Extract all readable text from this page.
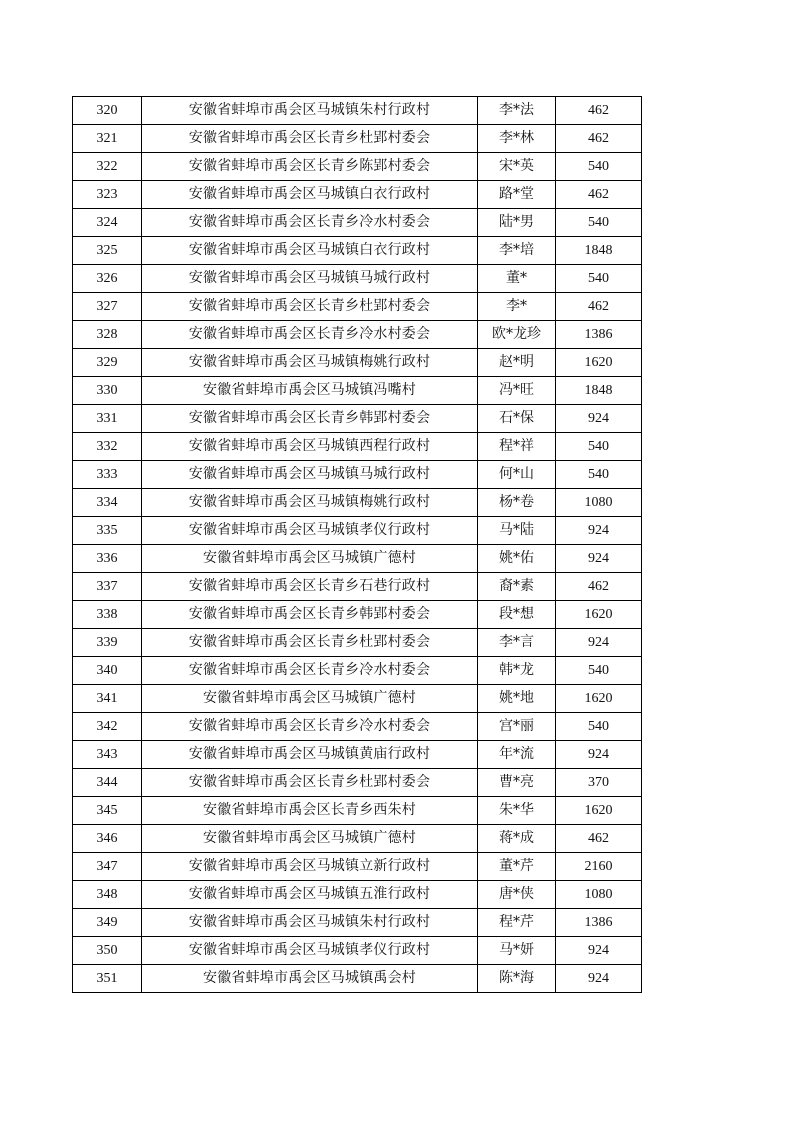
320	安徽省蚌埠市禹会区马城镇朱村行政村	李*法	462
321	安徽省蚌埠市禹会区长青乡杜郢村委会	李*林	462
322	安徽省蚌埠市禹会区长青乡陈郢村委会	宋*英	540
323	安徽省蚌埠市禹会区马城镇白衣行政村	路*堂	462
324	安徽省蚌埠市禹会区长青乡冷水村委会	陆*男	540
325	安徽省蚌埠市禹会区马城镇白衣行政村	李*培	1848
326	安徽省蚌埠市禹会区马城镇马城行政村	董*	540
327	安徽省蚌埠市禹会区长青乡杜郢村委会	李*	462
328	安徽省蚌埠市禹会区长青乡冷水村委会	欧*龙珍	1386
329	安徽省蚌埠市禹会区马城镇梅姚行政村	赵*明	1620
330	安徽省蚌埠市禹会区马城镇冯嘴村	冯*旺	1848
331	安徽省蚌埠市禹会区长青乡韩郢村委会	石*保	924
332	安徽省蚌埠市禹会区马城镇西程行政村	程*祥	540
333	安徽省蚌埠市禹会区马城镇马城行政村	何*山	540
334	安徽省蚌埠市禹会区马城镇梅姚行政村	杨*卷	1080
335	安徽省蚌埠市禹会区马城镇孝仪行政村	马*陆	924
336	安徽省蚌埠市禹会区马城镇广德村	姚*佑	924
337	安徽省蚌埠市禹会区长青乡石巷行政村	裔*素	462
338	安徽省蚌埠市禹会区长青乡韩郢村委会	段*想	1620
339	安徽省蚌埠市禹会区长青乡杜郢村委会	李*言	924
340	安徽省蚌埠市禹会区长青乡冷水村委会	韩*龙	540
341	安徽省蚌埠市禹会区马城镇广德村	姚*地	1620
342	安徽省蚌埠市禹会区长青乡冷水村委会	宫*丽	540
343	安徽省蚌埠市禹会区马城镇黄庙行政村	年*流	924
344	安徽省蚌埠市禹会区长青乡杜郢村委会	曹*亮	370
345	安徽省蚌埠市禹会区长青乡西朱村	朱*华	1620
346	安徽省蚌埠市禹会区马城镇广德村	蒋*成	462
347	安徽省蚌埠市禹会区马城镇立新行政村	董*芹	2160
348	安徽省蚌埠市禹会区马城镇五淮行政村	唐*侠	1080
349	安徽省蚌埠市禹会区马城镇朱村行政村	程*芹	1386
350	安徽省蚌埠市禹会区马城镇孝仪行政村	马*妍	924
351	安徽省蚌埠市禹会区马城镇禹会村	陈*海	924
